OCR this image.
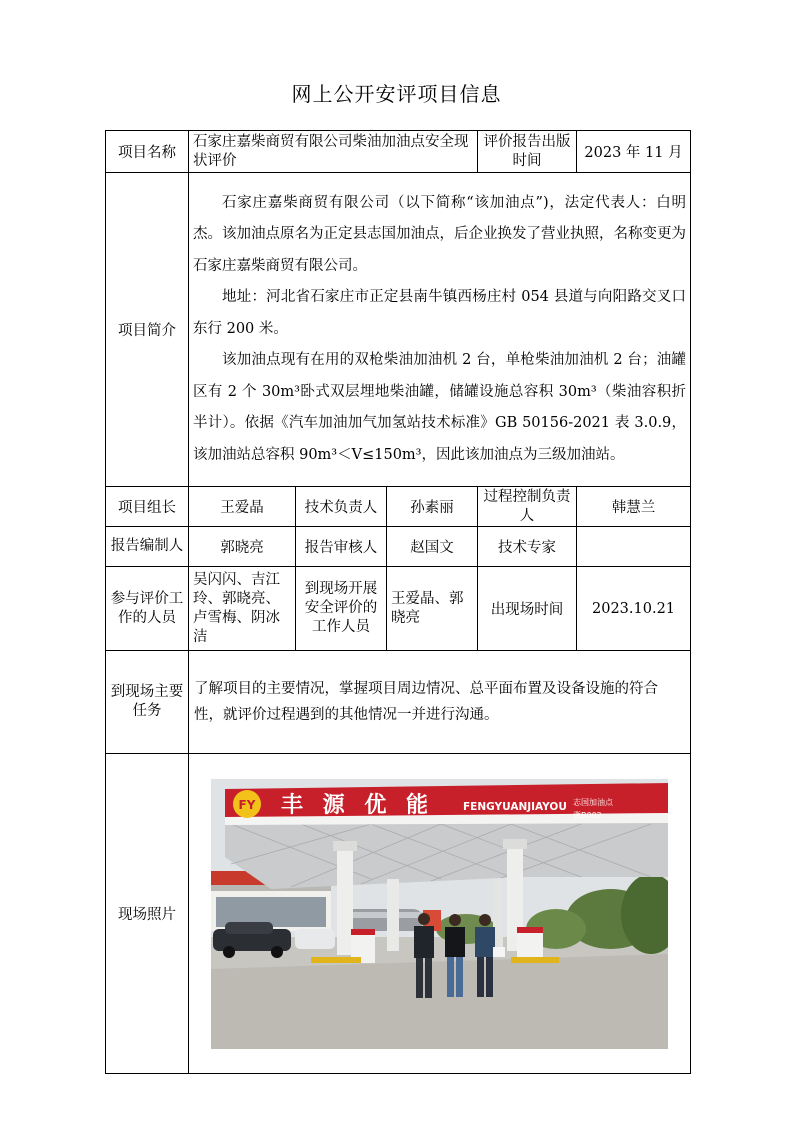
网上公开安评项目信息
项目名称	石家庄嘉柴商贸有限公司柴油加油点安全现状评价			评价报告出版时间	2023 年 11 月
项目简介	石家庄嘉柴商贸有限公司（以下简称“该加油点”)，法定代表人：白明杰。该加油点原名为正定县志国加油点，后企业换发了营业执照，名称变更为石家庄嘉柴商贸有限公司。

地址：河北省石家庄市正定县南牛镇西杨庄村 054 县道与向阳路交叉口东行 200 米。

该加油点现有在用的双枪柴油加油机 2 台，单枪柴油加油机 2 台；油罐区有 2 个 30m³卧式双层埋地柴油罐，储罐设施总容积 30m³（柴油容积折半计）。依据《汽车加油加气加氢站技术标准》GB 50156-2021 表 3.0.9，该加油站总容积 90m³＜V≤150m³，因此该加油点为三级加油站。				

项目组长	王爱晶	技术负责人	孙素丽	过程控制负责人	韩慧兰
报告编制人	郭晓亮	报告审核人	赵国文	技术专家	
参与评价工作的人员	吴闪闪、吉江玲、郭晓亮、卢雪梅、阴冰洁	到现场开展安全评价的工作人员	王爱晶、郭晓亮	出现场时间	2023.10.21
到现场主要任务	了解项目的主要情况，掌握项目周边情况、总平面布置及设备设施的符合性，就评价过程遇到的其他情况一并进行沟通。				
现场照片	FY 丰 源 优 能 FENGYUANJIAYOU 志国加油点
冀B002				
